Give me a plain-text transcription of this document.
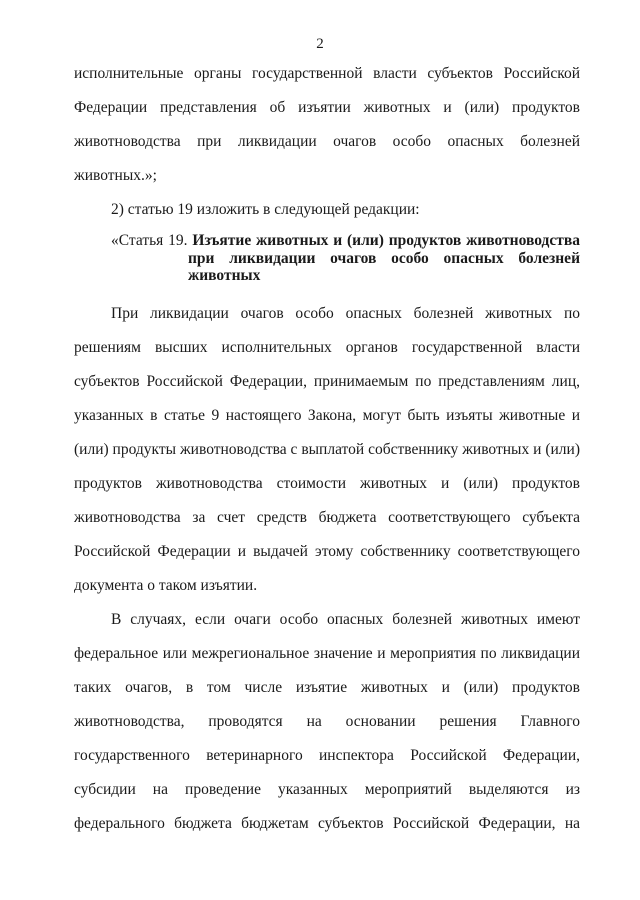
2
исполнительные органы государственной власти субъектов Российской
Федерации представления об изъятии животных и (или) продуктов
животноводства при ликвидации очагов особо опасных болезней
животных.»;
2) статью 19 изложить в следующей редакции:
«Статья 19. Изъятие животных и (или) продуктов животноводства
при ликвидации очагов особо опасных болезней
животных
При ликвидации очагов особо опасных болезней животных по
решениям высших исполнительных органов государственной власти
субъектов Российской Федерации, принимаемым по представлениям лиц,
указанных в статье 9 настоящего Закона, могут быть изъяты животные и
(или) продукты животноводства с выплатой собственнику животных и (или)
продуктов животноводства стоимости животных и (или) продуктов
животноводства за счет средств бюджета соответствующего субъекта
Российской Федерации и выдачей этому собственнику соответствующего
документа о таком изъятии.
В случаях, если очаги особо опасных болезней животных имеют
федеральное или межрегиональное значение и мероприятия по ликвидации
таких очагов, в том числе изъятие животных и (или) продуктов
животноводства, проводятся на основании решения Главного
государственного ветеринарного инспектора Российской Федерации,
субсидии на проведение указанных мероприятий выделяются из
федерального бюджета бюджетам субъектов Российской Федерации, на
